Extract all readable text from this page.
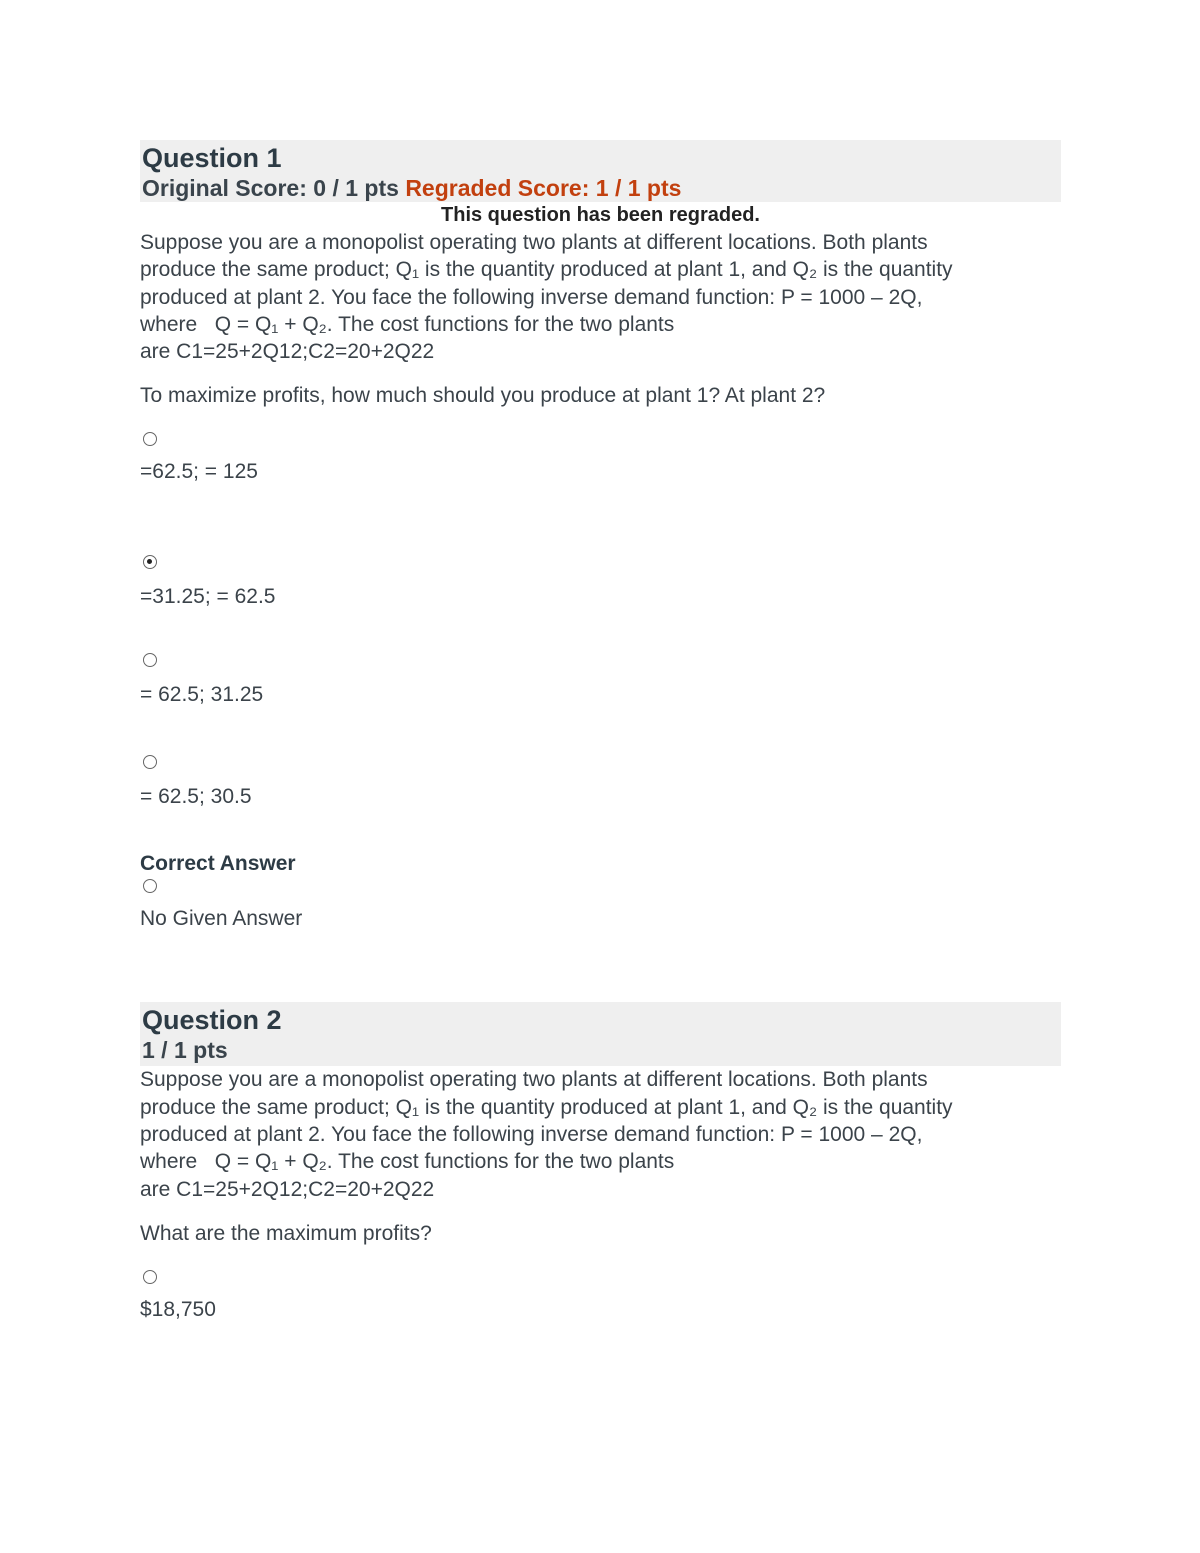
Question 1
Original Score: 0 / 1 pts Regraded Score: 1 / 1 pts
This question has been regraded.
Suppose you are a monopolist operating two plants at different locations. Both plants
produce the same product; Q₁ is the quantity produced at plant 1, and Q₂ is the quantity
produced at plant 2. You face the following inverse demand function: P = 1000 – 2Q,
where   Q = Q₁ + Q₂. The cost functions for the two plants
are C1=25+2Q12;C2=20+2Q22
To maximize profits, how much should you produce at plant 1? At plant 2?
=62.5; = 125
=31.25; = 62.5
= 62.5; 31.25
= 62.5; 30.5
Correct Answer
No Given Answer
Question 2
1 / 1 pts
Suppose you are a monopolist operating two plants at different locations. Both plants
produce the same product; Q₁ is the quantity produced at plant 1, and Q₂ is the quantity
produced at plant 2. You face the following inverse demand function: P = 1000 – 2Q,
where   Q = Q₁ + Q₂. The cost functions for the two plants
are C1=25+2Q12;C2=20+2Q22
What are the maximum profits?
$18,750
